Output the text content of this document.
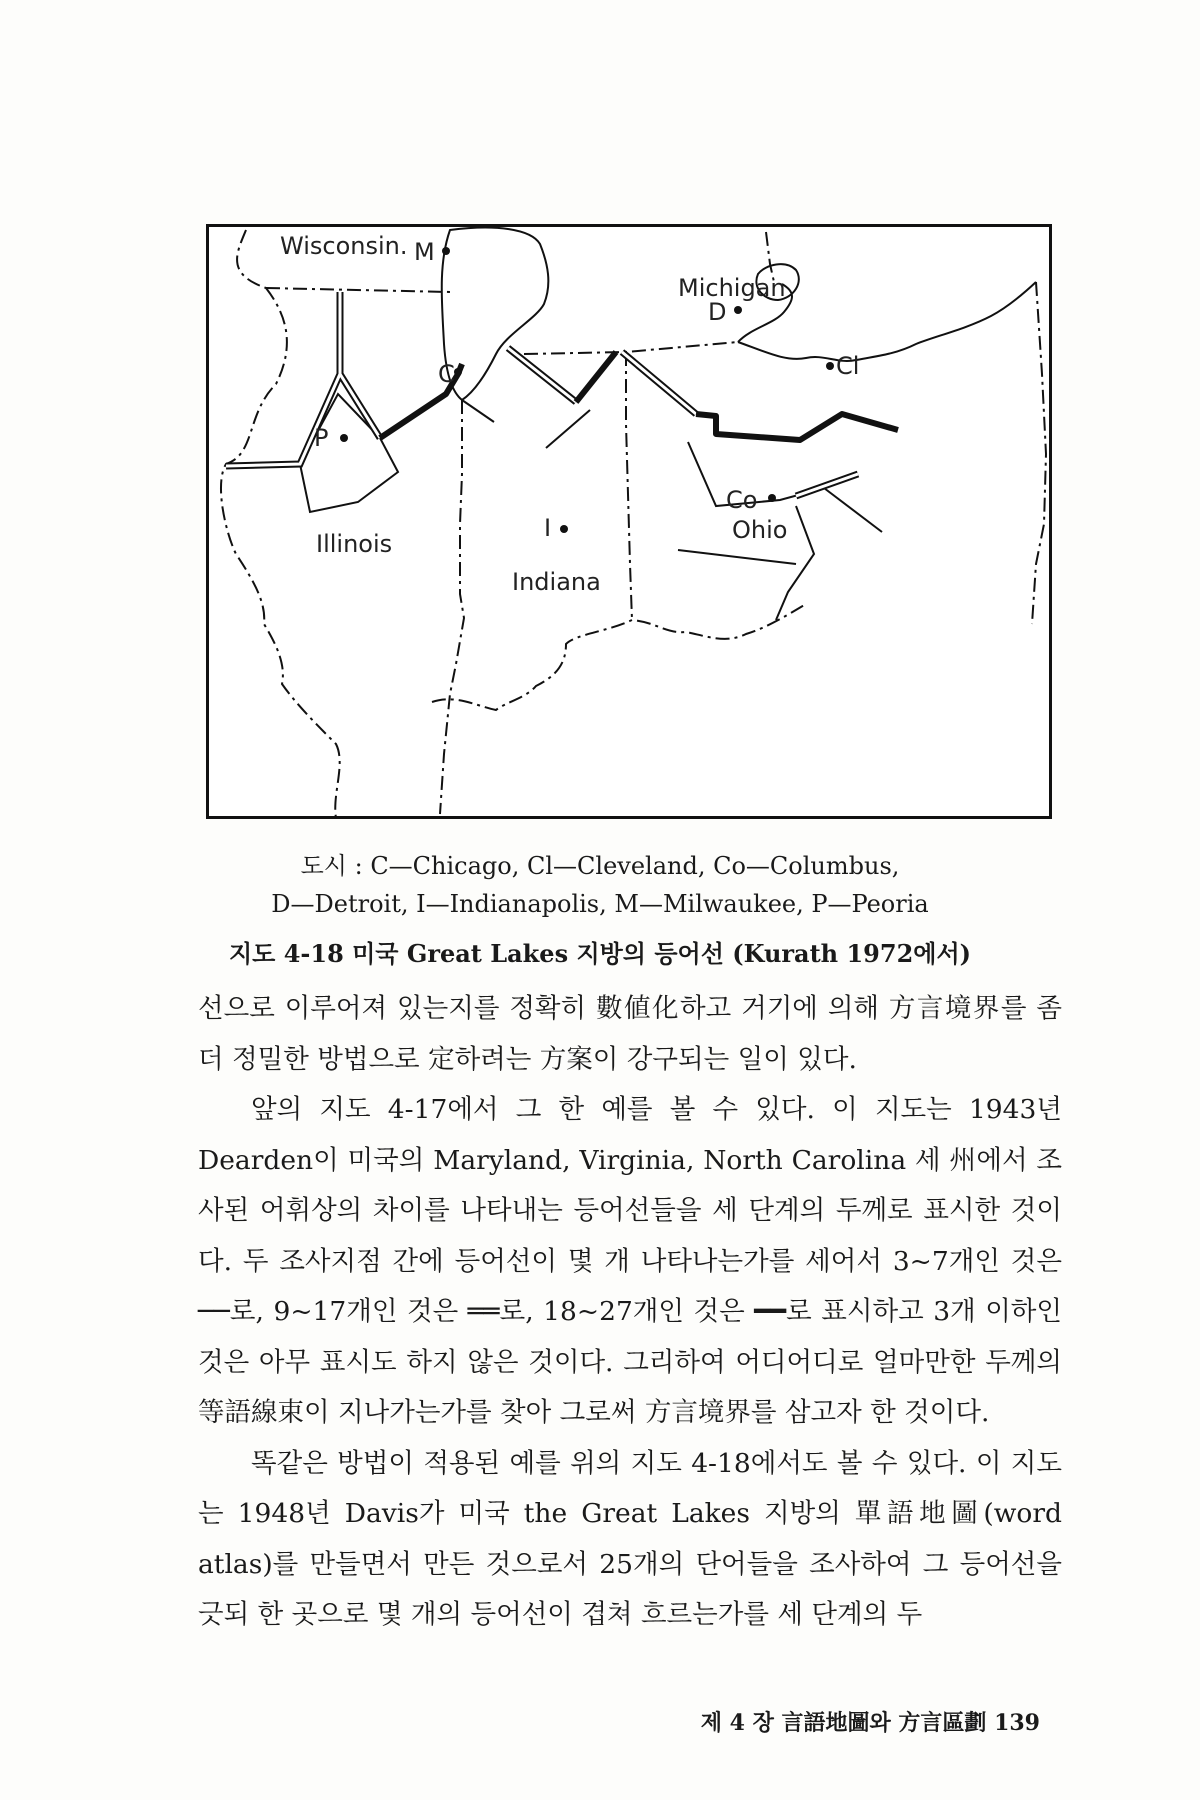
M
C
D
Cl
P
I
Co
Wisconsin.
Michigan
Illinois
Indiana
Ohio
도시 : C—Chicago, Cl—Cleveland, Co—Columbus,
D—Detroit, I—Indianapolis, M—Milwaukee, P—Peoria
지도 4-18 미국 Great Lakes 지방의 등어선 (Kurath 1972에서)

선으로 이루어져 있는지를 정확히 數値化하고 거기에 의해 方言境界를 좀더 정밀한 방법으로 定하려는 方案이 강구되는 일이 있다.

앞의 지도 4-17에서 그 한 예를 볼 수 있다. 이 지도는 1943년 Dearden이 미국의 Maryland, Virginia, North Carolina 세 州에서 조사된 어휘상의 차이를 나타내는 등어선들을 세 단계의 두께로 표시한 것이다. 두 조사지점 간에 등어선이 몇 개 나타나는가를 세어서 3~7개인 것은 ──로, 9~17개인 것은 ══로, 18~27개인 것은 ━━로 표시하고 3개 이하인 것은 아무 표시도 하지 않은 것이다. 그리하여 어디어디로 얼마만한 두께의 等語線束이 지나가는가를 찾아 그로써 方言境界를 삼고자 한 것이다.

똑같은 방법이 적용된 예를 위의 지도 4-18에서도 볼 수 있다. 이 지도는 1948년 Davis가 미국 the Great Lakes 지방의 單語地圖(word atlas)를 만들면서 만든 것으로서 25개의 단어들을 조사하여 그 등어선을 긋되 한 곳으로 몇 개의 등어선이 겹쳐 흐르는가를 세 단계의 두

제 4 장 言語地圖와 方言區劃 139
